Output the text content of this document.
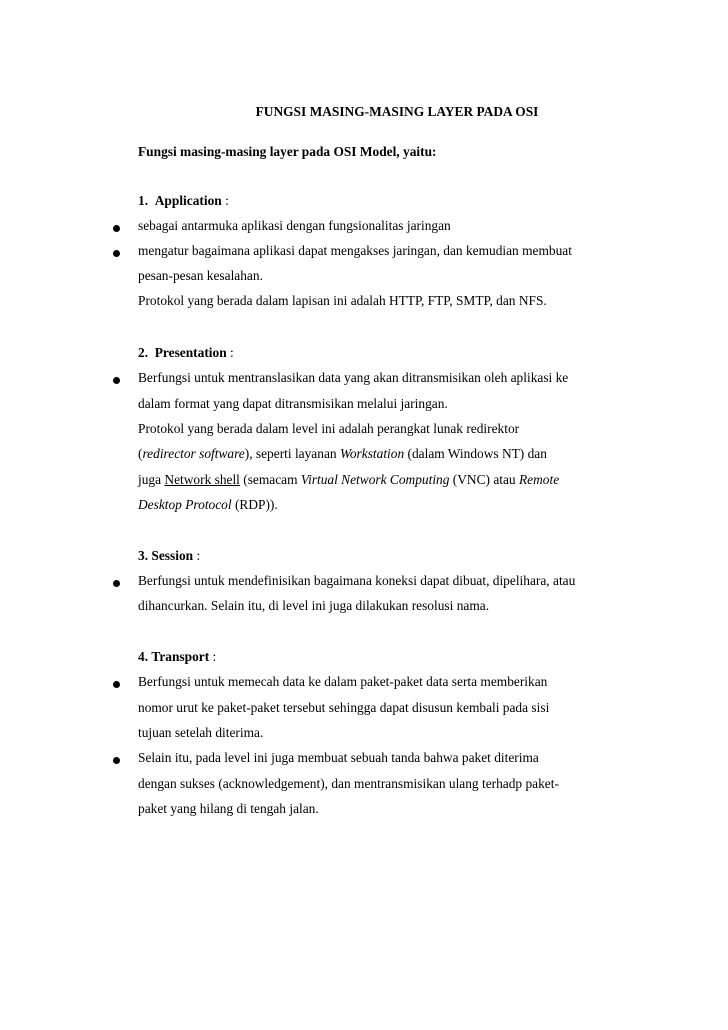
FUNGSI MASING-MASING LAYER PADA OSI
Fungsi masing-masing layer pada OSI Model, yaitu:
1. Application :
sebagai antarmuka aplikasi dengan fungsionalitas jaringan
mengatur bagaimana aplikasi dapat mengakses jaringan, dan kemudian membuat
pesan-pesan kesalahan.
Protokol yang berada dalam lapisan ini adalah HTTP, FTP, SMTP, dan NFS.
2. Presentation :
Berfungsi untuk mentranslasikan data yang akan ditransmisikan oleh aplikasi ke
dalam format yang dapat ditransmisikan melalui jaringan.
Protokol yang berada dalam level ini adalah perangkat lunak redirektor
(redirector software), seperti layanan Workstation (dalam Windows NT) dan
juga Network shell (semacam Virtual Network Computing (VNC) atau Remote
Desktop Protocol (RDP)).
3. Session :
Berfungsi untuk mendefinisikan bagaimana koneksi dapat dibuat, dipelihara, atau
dihancurkan. Selain itu, di level ini juga dilakukan resolusi nama.
4. Transport :
Berfungsi untuk memecah data ke dalam paket-paket data serta memberikan
nomor urut ke paket-paket tersebut sehingga dapat disusun kembali pada sisi
tujuan setelah diterima.
Selain itu, pada level ini juga membuat sebuah tanda bahwa paket diterima
dengan sukses (acknowledgement), dan mentransmisikan ulang terhadp paket-
paket yang hilang di tengah jalan.
